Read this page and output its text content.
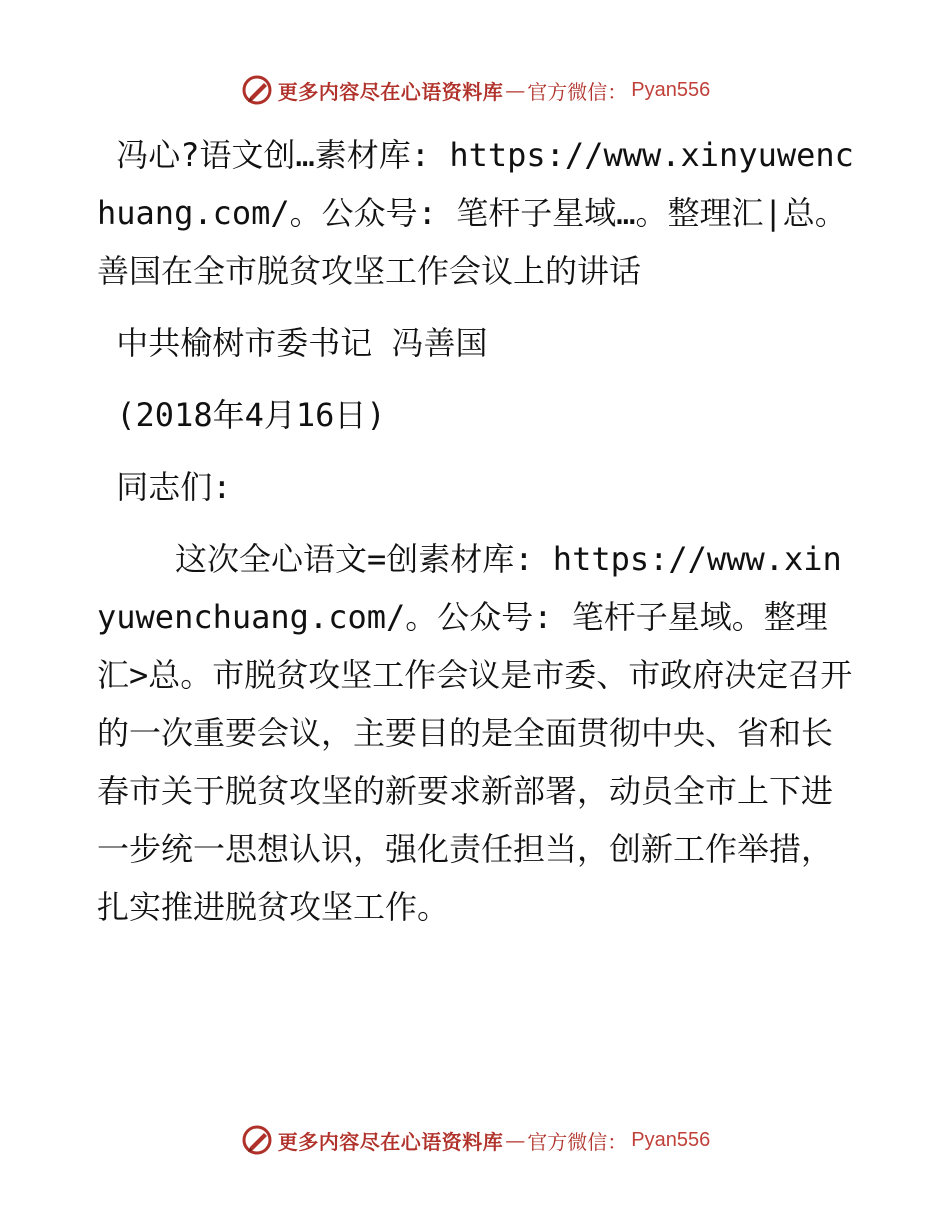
更多内容尽在心语资料库 — 官方微信： Pyan556

冯心?语文创…素材库: https://www.xinyuwenchuang.com/。公众号: 笔杆子星域…。整理汇|总。善国在全市脱贫攻坚工作会议上的讲话

中共榆树市委书记 冯善国

(2018年4月16日)

同志们:

这次全心语文=创素材库: https://www.xinyuwenchuang.com/。公众号: 笔杆子星域。整理汇>总。市脱贫攻坚工作会议是市委、市政府决定召开的一次重要会议，主要目的是全面贯彻中央、省和长春市关于脱贫攻坚的新要求新部署，动员全市上下进一步统一思想认识，强化责任担当，创新工作举措，扎实推进脱贫攻坚工作。

更多内容尽在心语资料库 — 官方微信： Pyan556
